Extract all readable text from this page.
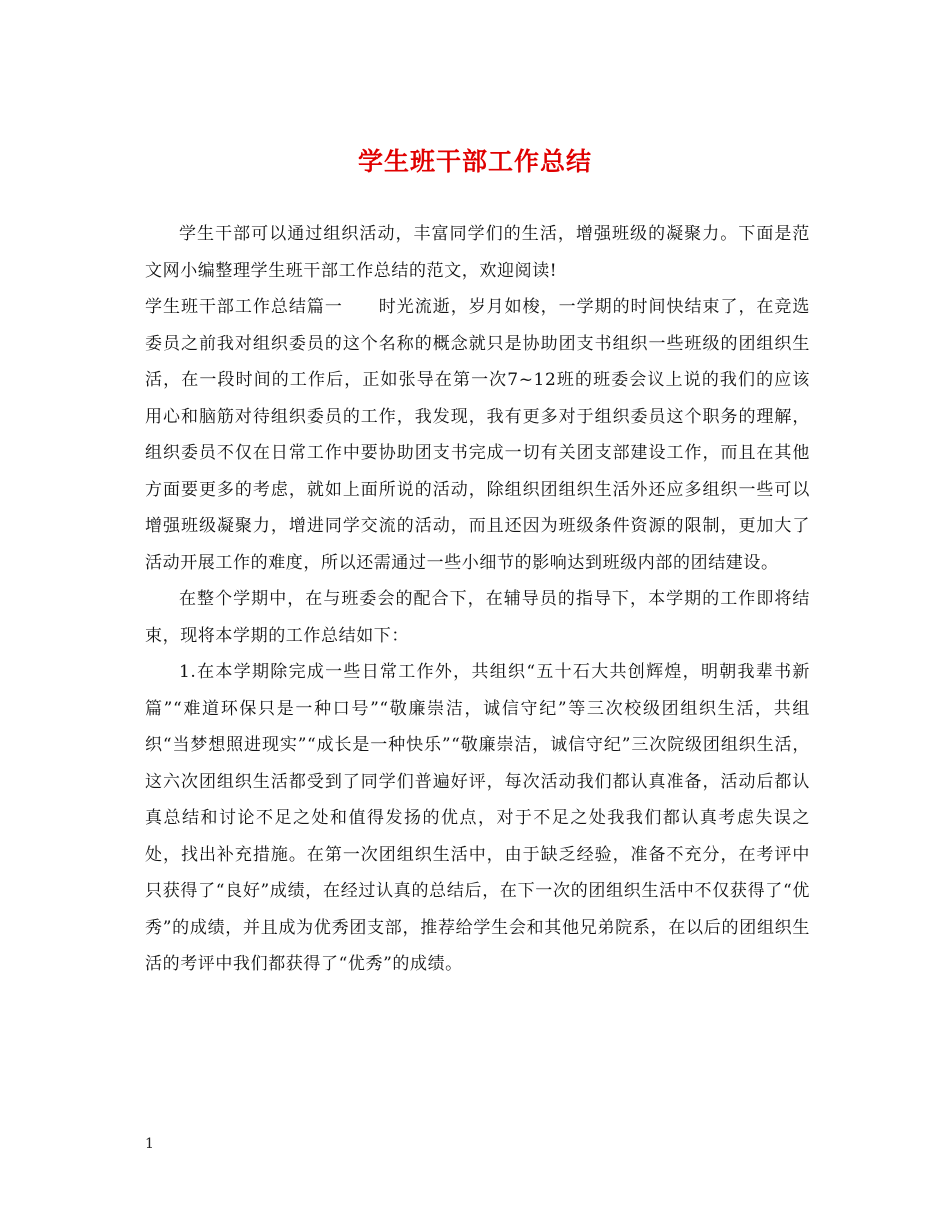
学生班干部工作总结

学生干部可以通过组织活动，丰富同学们的生活，增强班级的凝聚力。下面是范文网小编整理学生班干部工作总结的范文，欢迎阅读!

学生班干部工作总结篇一　　时光流逝，岁月如梭，一学期的时间快结束了，在竞选委员之前我对组织委员的这个名称的概念就只是协助团支书组织一些班级的团组织生活，在一段时间的工作后，正如张导在第一次7~12班的班委会议上说的我们的应该用心和脑筋对待组织委员的工作，我发现，我有更多对于组织委员这个职务的理解，组织委员不仅在日常工作中要协助团支书完成一切有关团支部建设工作，而且在其他方面要更多的考虑，就如上面所说的活动，除组织团组织生活外还应多组织一些可以增强班级凝聚力，增进同学交流的活动，而且还因为班级条件资源的限制，更加大了活动开展工作的难度，所以还需通过一些小细节的影响达到班级内部的团结建设。

在整个学期中，在与班委会的配合下，在辅导员的指导下，本学期的工作即将结束，现将本学期的工作总结如下：

1.在本学期除完成一些日常工作外，共组织“五十石大共创辉煌，明朝我辈书新篇”“难道环保只是一种口号”“敬廉崇洁，诚信守纪”等三次校级团组织生活，共组织“当梦想照进现实”“成长是一种快乐”“敬廉崇洁，诚信守纪”三次院级团组织生活，这六次团组织生活都受到了同学们普遍好评，每次活动我们都认真准备，活动后都认真总结和讨论不足之处和值得发扬的优点，对于不足之处我我们都认真考虑失误之处，找出补充措施。在第一次团组织生活中，由于缺乏经验，准备不充分，在考评中只获得了“良好”成绩，在经过认真的总结后，在下一次的团组织生活中不仅获得了“优秀”的成绩，并且成为优秀团支部，推荐给学生会和其他兄弟院系，在以后的团组织生活的考评中我们都获得了“优秀”的成绩。

1
